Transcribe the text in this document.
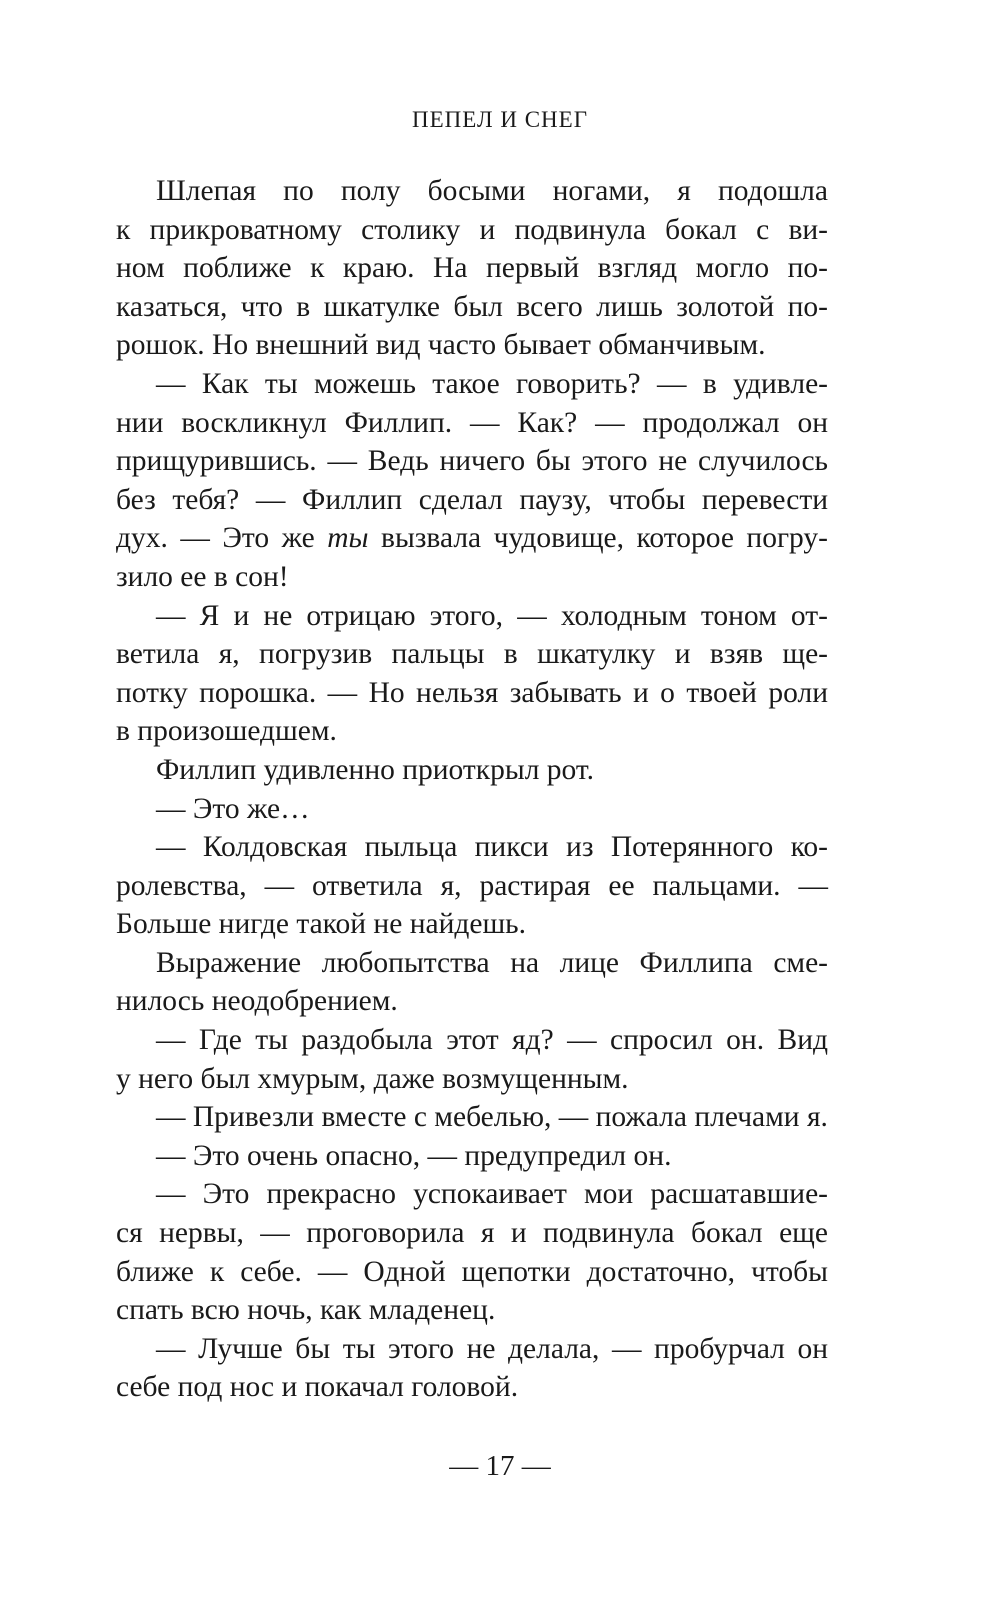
ПЕПЕЛ И СНЕГ
Шлепая по полу босыми ногами, я подошла
к прикроватному столику и подвинула бокал с ви-
ном поближе к краю. На первый взгляд могло по-
казаться, что в шкатулке был всего лишь золотой по-
рошок. Но внешний вид часто бывает обманчивым.
— Как ты можешь такое говорить? — в удивле-
нии воскликнул Филлип. — Как? — продолжал он
прищурившись. — Ведь ничего бы этого не случилось
без тебя? — Филлип сделал паузу, чтобы перевести
дух. — Это же ты вызвала чудовище, которое погру-
зило ее в сон!
— Я и не отрицаю этого, — холодным тоном от-
ветила я, погрузив пальцы в шкатулку и взяв ще-
потку порошка. — Но нельзя забывать и о твоей роли
в произошедшем.
Филлип удивленно приоткрыл рот.
— Это же…
— Колдовская пыльца пикси из Потерянного ко-
ролевства, — ответила я, растирая ее пальцами. —
Больше нигде такой не найдешь.
Выражение любопытства на лице Филлипа сме-
нилось неодобрением.
— Где ты раздобыла этот яд? — спросил он. Вид
у него был хмурым, даже возмущенным.
— Привезли вместе с мебелью, — пожала плечами я.
— Это очень опасно, — предупредил он.
— Это прекрасно успокаивает мои расшатавшие-
ся нервы, — проговорила я и подвинула бокал еще
ближе к себе. — Одной щепотки достаточно, чтобы
спать всю ночь, как младенец.
— Лучше бы ты этого не делала, — пробурчал он
себе под нос и покачал головой.
— 17 —
